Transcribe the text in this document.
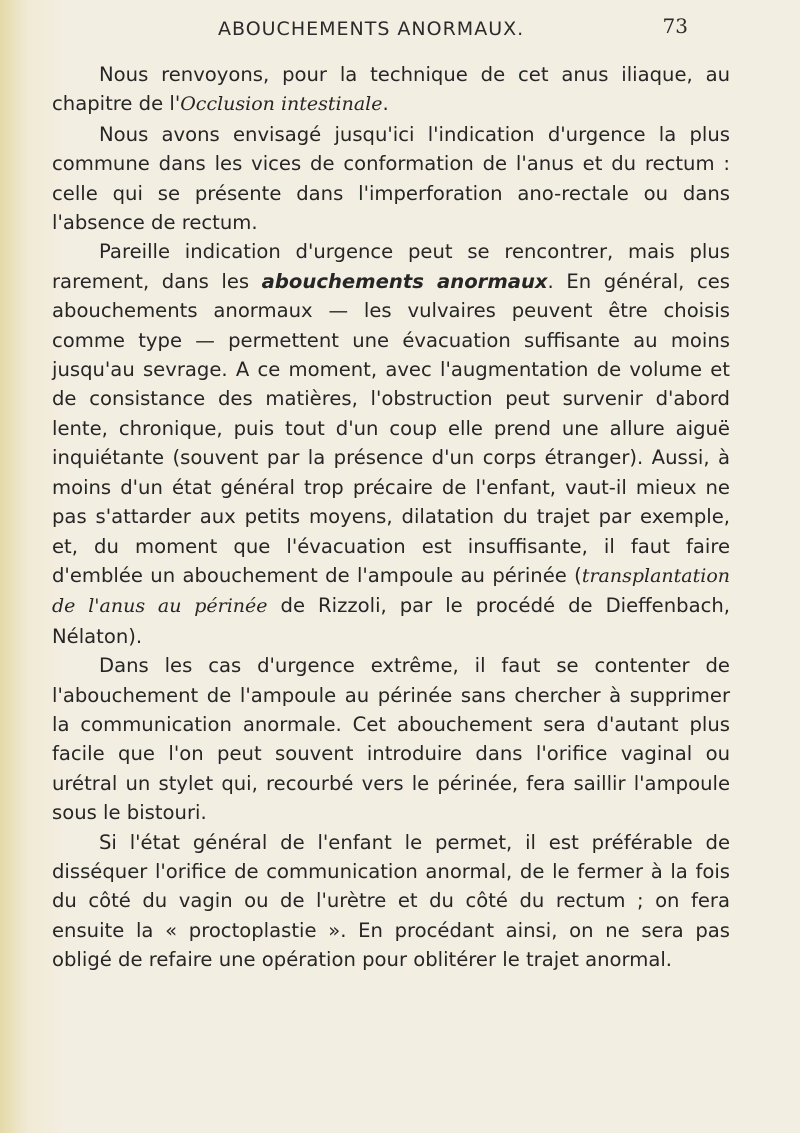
ABOUCHEMENTS ANORMAUX.	73

Nous renvoyons, pour la technique de cet anus iliaque, au chapitre de l'Occlusion intestinale.

Nous avons envisagé jusqu'ici l'indication d'urgence la plus commune dans les vices de conformation de l'anus et du rectum : celle qui se présente dans l'imperforation ano-rectale ou dans l'absence de rectum.

Pareille indication d'urgence peut se rencontrer, mais plus rarement, dans les abouchements anormaux. En général, ces abouchements anormaux — les vulvaires peuvent être choisis comme type — permettent une évacuation suffisante au moins jusqu'au sevrage. A ce moment, avec l'augmentation de volume et de consistance des matières, l'obstruction peut survenir d'abord lente, chronique, puis tout d'un coup elle prend une allure aiguë inquiétante (souvent par la présence d'un corps étranger). Aussi, à moins d'un état général trop précaire de l'enfant, vaut-il mieux ne pas s'attarder aux petits moyens, dilatation du trajet par exemple, et, du moment que l'évacuation est insuffisante, il faut faire d'emblée un abouchement de l'ampoule au périnée (transplantation de l'anus au périnée de Rizzoli, par le procédé de Dieffenbach, Nélaton).

Dans les cas d'urgence extrême, il faut se contenter de l'abouchement de l'ampoule au périnée sans chercher à supprimer la communication anormale. Cet abouchement sera d'autant plus facile que l'on peut souvent introduire dans l'orifice vaginal ou urétral un stylet qui, recourbé vers le périnée, fera saillir l'ampoule sous le bistouri.

Si l'état général de l'enfant le permet, il est préférable de disséquer l'orifice de communication anormal, de le fermer à la fois du côté du vagin ou de l'urètre et du côté du rectum ; on fera ensuite la « proctoplastie ». En procédant ainsi, on ne sera pas obligé de refaire une opération pour oblitérer le trajet anormal.
